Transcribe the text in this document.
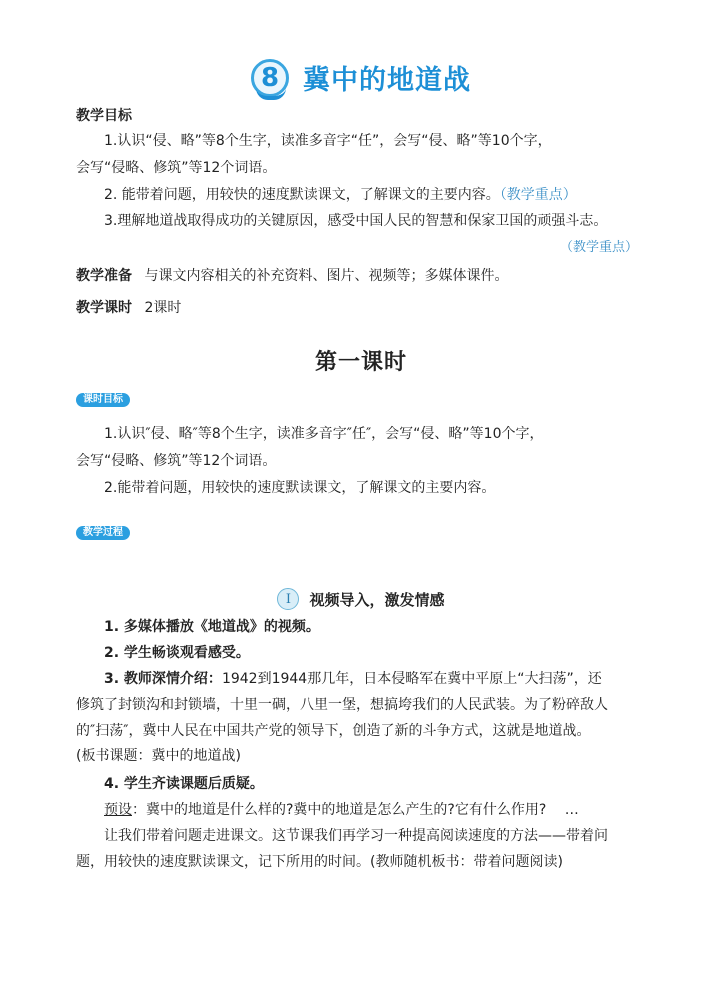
8 冀中的地道战
教学目标
1.认识“侵、略”等8个生字，读准多音字“任”，会写“侵、略”等10个字，
会写“侵略、修筑”等12个词语。
2. 能带着问题，用较快的速度默读课文，了解课文的主要内容。（教学重点）
3.理解地道战取得成功的关键原因，感受中国人民的智慧和保家卫国的顽强斗志。
（教学重点）
教学准备 与课文内容相关的补充资料、图片、视频等；多媒体课件。
教学课时 2课时
第一课时
课时目标
1.认识″侵、略″等8个生字，读准多音字″任″，会写“侵、略”等10个字，
会写“侵略、修筑”等12个词语。
2.能带着问题，用较快的速度默读课文，了解课文的主要内容。
教学过程
Ⅰ	视频导入，激发情感
1. 多媒体播放《地道战》的视频。
2. 学生畅谈观看感受。
3. 教师深情介绍：1942到1944那几年，日本侵略军在冀中平原上“大扫荡”，还
修筑了封锁沟和封锁墙，十里一碉，八里一堡，想搞垮我们的人民武装。为了粉碎敌人
的″扫荡″，冀中人民在中国共产党的领导下，创造了新的斗争方式，这就是地道战。
(板书课题：冀中的地道战)
4. 学生齐读课题后质疑。
预设：冀中的地道是什么样的?冀中的地道是怎么产生的?它有什么作用?　 …
让我们带着问题走进课文。这节课我们再学习一种提高阅读速度的方法——带着问
题，用较快的速度默读课文，记下所用的时间。(教师随机板书：带着问题阅读)
